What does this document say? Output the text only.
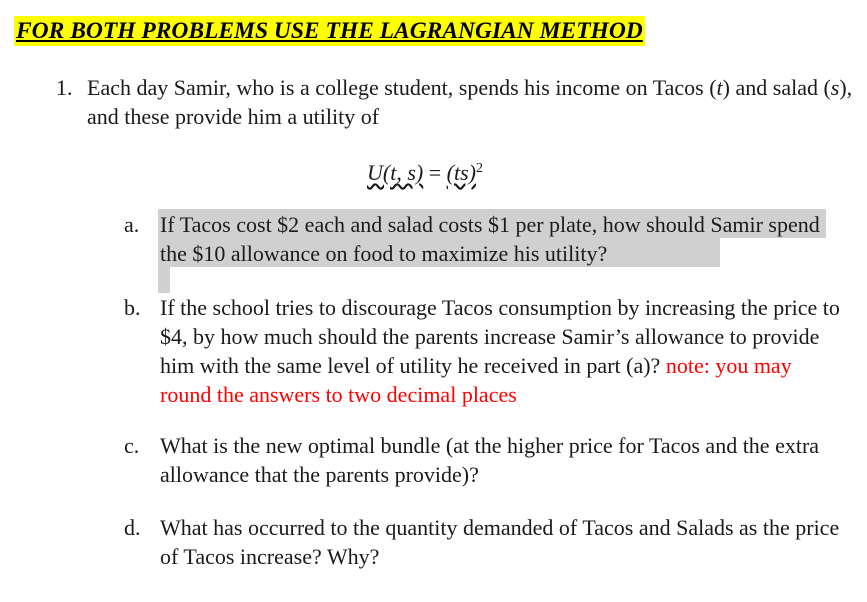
FOR BOTH PROBLEMS USE THE LAGRANGIAN METHOD
1. Each day Samir, who is a college student, spends his income on Tacos (t) and salad (s), and these provide him a utility of
U(t, s) = (ts)$^2$
a. If Tacos cost $2 each and salad costs $1 per plate, how should Samir spend the $10 allowance on food to maximize his utility?
b. If the school tries to discourage Tacos consumption by increasing the price to $4, by how much should the parents increase Samir’s allowance to provide him with the same level of utility he received in part (a)? note: you may round the answers to two decimal places
c. What is the new optimal bundle (at the higher price for Tacos and the extra allowance that the parents provide)?
d. What has occurred to the quantity demanded of Tacos and Salads as the price of Tacos increase? Why?
